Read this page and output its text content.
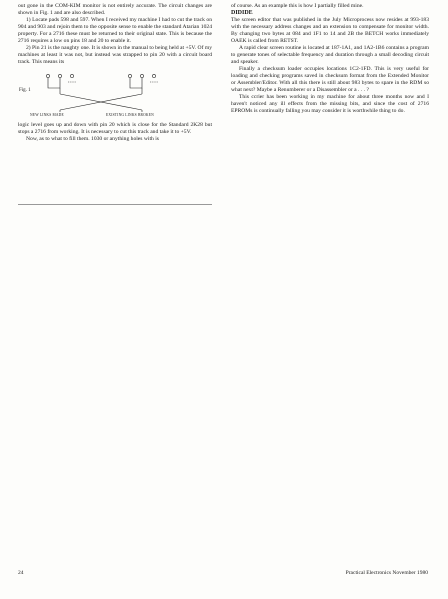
out gone in the COM-KIM monitor is not entirely accurate. The circuit changes are shown in Fig. 1 and are also described.

1) Locate pads 598 and 597. When I received my machine I had to cut the track on 904 and 903 and rejoin them to the opposite sense to enable the standard Atarian 1024 property. For a 2716 these must be returned to their original state. This is because the 2716 requires a low on pins 18 and 20 to enable it.

2) Pin 21 is the naughty one. It is shown in the manual to being held at +5V. Of my machines at least it was not, but instead was strapped to pin 20 with a circuit board track. This means its

Fig. 1
NEW LINKS MADE	EXISTING LINKS BROKEN

logic level goes up and down with pin 20 which is close for the Standard 2K28 but stops a 2716 from working. It is necessary to cut this track and take it to +5V.

Now, as to what to fill them. 1030 or anything holes with is

of course. As an example this is how I partially filled mine.

DIDIDE

The screen editor that was published in the July Microprocess now resides at 993-183 with the necessary address changes and an extension to compensate for monitor width. By changing two bytes at 084 and 1F1 to 14 and 2B the BETCH works immediately OAEK is called from RETST.

A rapid clear screen routine is located at 187-1A1, and 1A2-1B6 contains a program to generate tones of selectable frequency and duration through a small decoding circuit and speaker.

Finally a checksum loader occupies locations 1C2-1FD. This is very useful for loading and checking programs saved in checksum format from the Extended Monitor or Assembler/Editor. With all this there is still about 983 bytes to spare in the RDM so what next? Maybe a Renumberer or a Disassembler or a . . . ?

This ccrier has been working in my machine for about three months now and I haven't noticed any ill effects from the missing bits, and since the cost of 2716 EPROMs is continually falling you may consider it is worthwhile thing to do.

24	Practical Electronics November 1980
